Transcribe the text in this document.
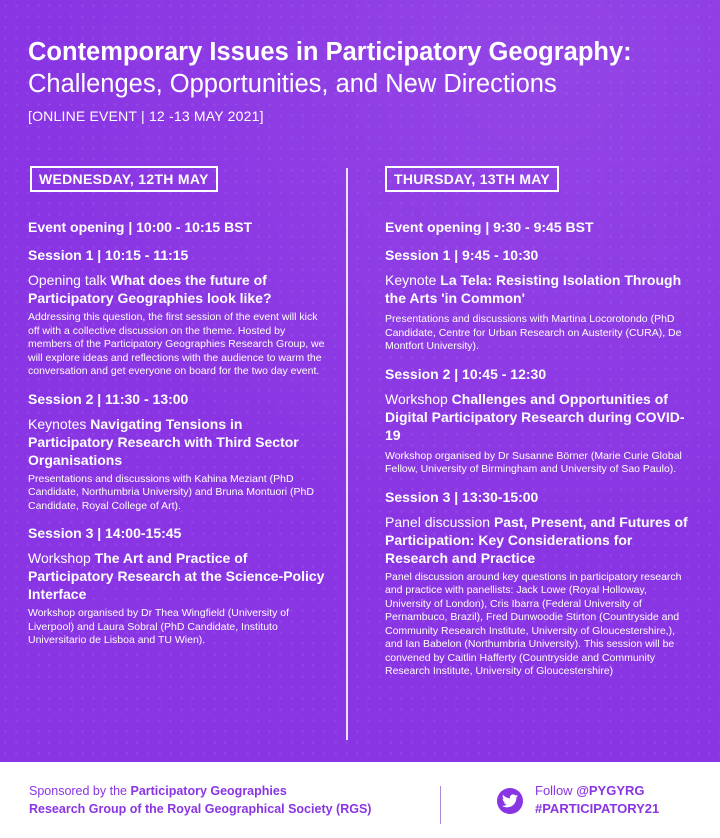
Contemporary Issues in Participatory Geography:

Challenges, Opportunities, and New Directions

[ONLINE EVENT | 12 -13 MAY 2021]
WEDNESDAY, 12TH MAY

Event opening | 10:00 - 10:15 BST

Session 1 | 10:15 - 11:15

Opening talk What does the future of Participatory Geographies look like?

Addressing this question, the first session of the event will kick off with a collective discussion on the theme. Hosted by members of the Participatory Geographies Research Group, we will explore ideas and reflections with the audience to warm the conversation and get everyone on board for the two day event.

Session 2 | 11:30 - 13:00

Keynotes Navigating Tensions in Participatory Research with Third Sector Organisations

Presentations and discussions with Kahina Meziant (PhD Candidate, Northumbria University) and Bruna Montuori (PhD Candidate, Royal College of Art).

Session 3 | 14:00-15:45

Workshop The Art and Practice of Participatory Research at the Science-Policy Interface

Workshop organised by Dr Thea Wingfield (University of Liverpool) and Laura Sobral (PhD Candidate, Instituto Universitario de Lisboa and TU Wien).

THURSDAY, 13TH MAY

Event opening | 9:30 - 9:45 BST

Session 1 | 9:45 - 10:30

Keynote La Tela: Resisting Isolation Through the Arts 'in Common'

Presentations and discussions with Martina Locorotondo (PhD Candidate, Centre for Urban Research on Austerity (CURA), De Montfort University).

Session 2 | 10:45 - 12:30

Workshop Challenges and Opportunities of Digital Participatory Research during COVID-19

Workshop organised by Dr Susanne Börner (Marie Curie Global Fellow, University of Birmingham and University of Sao Paulo).

Session 3 | 13:30-15:00

Panel discussion Past, Present, and Futures of Participation: Key Considerations for Research and Practice

Panel discussion around key questions in participatory research and practice with panellists: Jack Lowe (Royal Holloway, University of London), Cris Ibarra (Federal University of Pernambuco, Brazil), Fred Dunwoodie Stirton (Countryside and Community Research Institute, University of Gloucestershire,), and Ian Babelon (Northumbria University). This session will be convened by Caitlin Hafferty (Countryside and Community Research Institute, University of Gloucestershire)

Sponsored by the Participatory Geographies
Research Group of the Royal Geographical Society (RGS)
Follow @PYGYRG
#PARTICIPATORY21
